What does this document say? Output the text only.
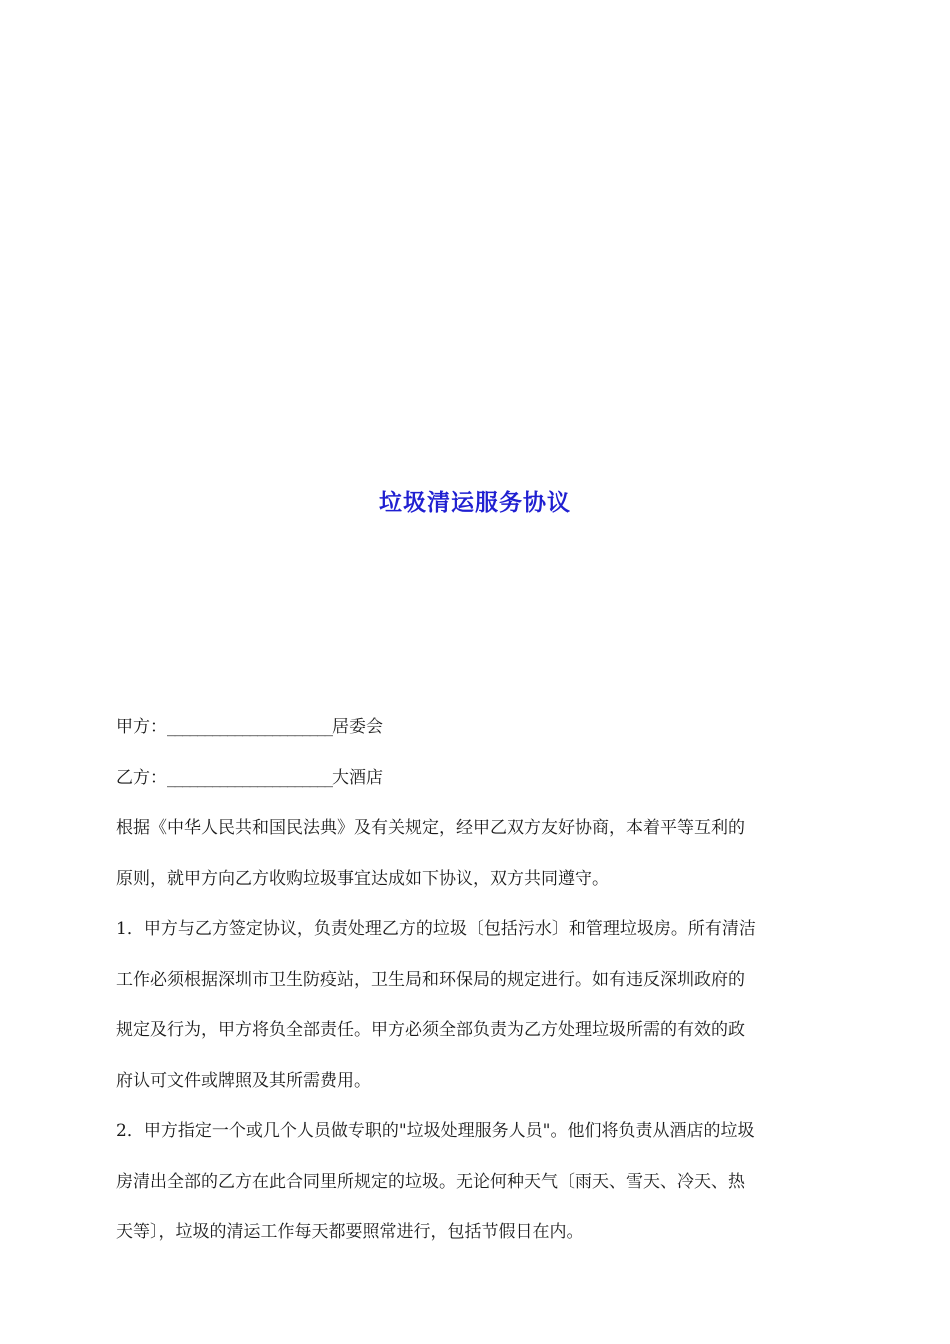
垃圾清运服务协议
甲方：______________________居委会
乙方：______________________大酒店

根据《中华人民共和国民法典》及有关规定，经甲乙双方友好协商，本着平等互利的
原则，就甲方向乙方收购垃圾事宜达成如下协议，双方共同遵守。

1．甲方与乙方签定协议，负责处理乙方的垃圾〔包括污水〕和管理垃圾房。所有清洁
工作必须根据深圳市卫生防疫站，卫生局和环保局的规定进行。如有违反深圳政府的
规定及行为，甲方将负全部责任。甲方必须全部负责为乙方处理垃圾所需的有效的政
府认可文件或牌照及其所需费用。

2．甲方指定一个或几个人员做专职的"垃圾处理服务人员"。他们将负责从酒店的垃圾
房清出全部的乙方在此合同里所规定的垃圾。无论何种天气〔雨天、雪天、冷天、热
天等〕，垃圾的清运工作每天都要照常进行，包括节假日在内。
